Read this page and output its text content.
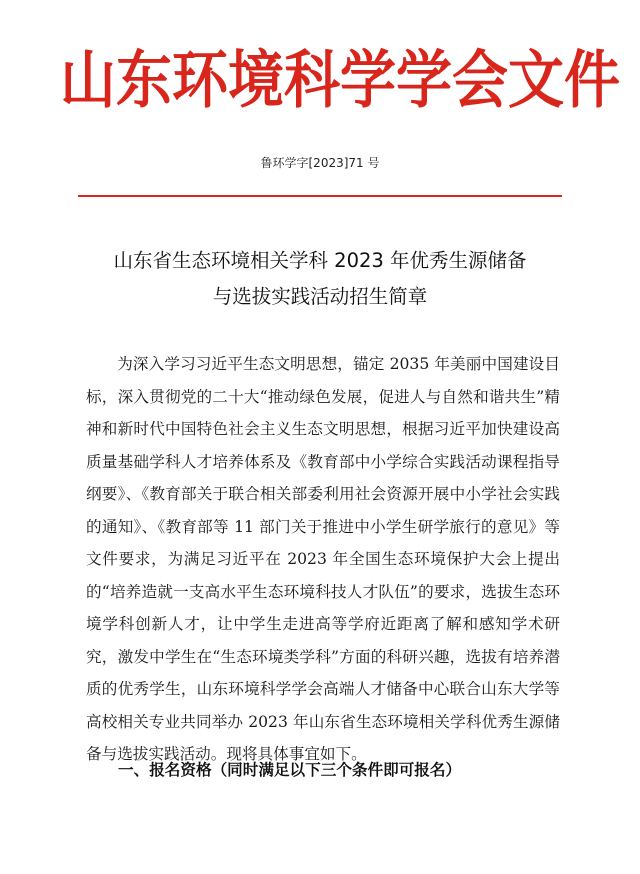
山东环境科学学会文件
鲁环学字[2023]71 号
山东省生态环境相关学科 2023 年优秀生源储备
与选拔实践活动招生简章

为深入学习习近平生态文明思想，锚定 2035 年美丽中国建设目标，深入贯彻党的二十大“推动绿色发展，促进人与自然和谐共生”精神和新时代中国特色社会主义生态文明思想，根据习近平加快建设高质量基础学科人才培养体系及《教育部中小学综合实践活动课程指导纲要》、《教育部关于联合相关部委利用社会资源开展中小学社会实践的通知》、《教育部等 11 部门关于推进中小学生研学旅行的意见》等文件要求，为满足习近平在 2023 年全国生态环境保护大会上提出的“培养造就一支高水平生态环境科技人才队伍”的要求，选拔生态环境学科创新人才，让中学生走进高等学府近距离了解和感知学术研究，激发中学生在“生态环境类学科”方面的科研兴趣，选拔有培养潜质的优秀学生，山东环境科学学会高端人才储备中心联合山东大学等高校相关专业共同举办 2023 年山东省生态环境相关学科优秀生源储备与选拔实践活动。现将具体事宜如下。

一、报名资格（同时满足以下三个条件即可报名）
